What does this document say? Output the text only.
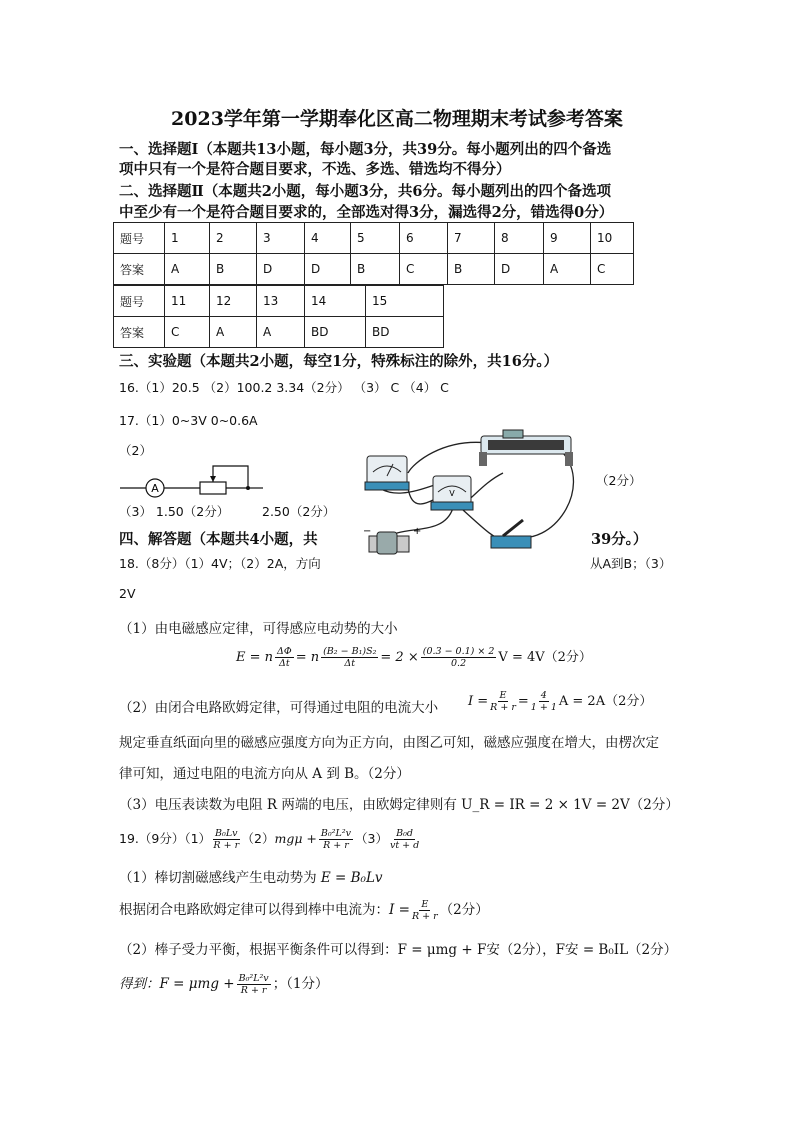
2023学年第一学期奉化区高二物理期末考试参考答案
一、选择题Ⅰ（本题共13小题，每小题3分，共39分。每小题列出的四个备选
项中只有一个是符合题目要求，不选、多选、错选均不得分）
二、选择题Ⅱ（本题共2小题，每小题3分，共6分。每小题列出的四个备选项
中至少有一个是符合题目要求的，全部选对得3分，漏选得2分，错选得0分）
题号	1	2	3	4	5	6	7	8	9	10
答案	A	B	D	D	B	C	B	D	A	C
题号	11	12	13	14	15
答案	C	A	A	BD	BD
三、实验题（本题共2小题，每空1分，特殊标注的除外，共16分。）
16.（1）20.5 （2）100.2 3.34（2分） （3） C （4） C
17.（1）0~3V 0~0.6A
（2）
A	V
−	+
（2分）
（3） 1.50（2分）	2.50（2分）
四、解答题（本题共4小题，共	39分。）
18.（8分）（1）4V；（2）2A，方向	从A到B；（3）
2V
（1）由电磁感应定律，可得感应电动势的大小
E = n $\frac{\Delta\Phi}{\Delta t} = n \frac{\text{(B₂ − B₁)S₂}}{\Delta t} = 2 \times \frac{(0.3 - 0.1) \times 2}{0.2}$ V = 4V（2分）
（2）由闭合电路欧姆定律，可得通过电阻的电流大小 $I = \frac{E}{R + r} = \frac{4}{1 + 1}$ A = 2A（2分）
规定垂直纸面向里的磁感应强度方向为正方向，由图乙可知，磁感应强度在增大，由楞次定
律可知，通过电阻的电流方向从 A 到 B。（2分）
（3）电压表读数为电阻 R 两端的电压，由欧姆定律则有 U_R = IR = 2 × 1V = 2V（2分）
19.（9分）$(1) \frac{\text{B₀Lv}}{R + r} (2)mg\mu + \frac{\text{B₀²L²v}}{R + r} (3) \frac{\text{B₀d}}{vt + d}$
（1）棒切割磁感线产生电动势为 E = B₀Lv
根据闭合电路欧姆定律可以得到棒中电流为：$I = \frac{E}{R + r} (2$分）
（2）棒子受力平衡，根据平衡条件可以得到：F = μmg + F安（2分），F安 = B₀IL（2分）
得到：$F = \mu mg + \frac{\text{B₀²L²v}}{R + r}$ ；（1分）
